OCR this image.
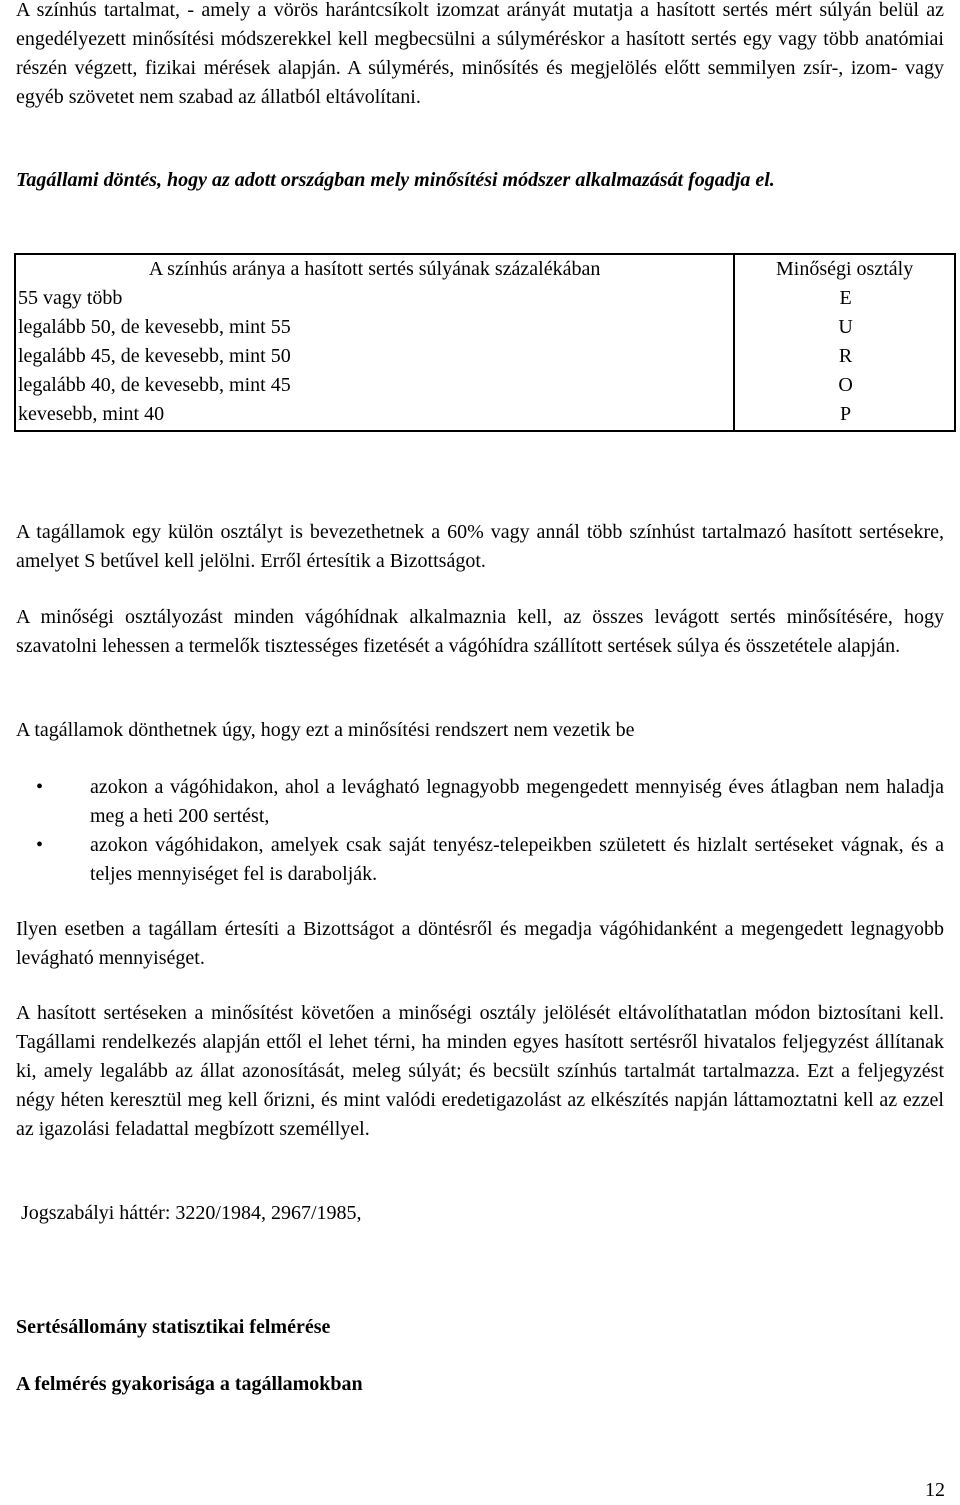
A színhús tartalmat, - amely a vörös harántcsíkolt izomzat arányát mutatja a hasított sertés mért súlyán belül az engedélyezett minősítési módszerekkel kell megbecsülni a súlyméréskor a hasított sertés egy vagy több anatómiai részén végzett, fizikai mérések alapján. A súlymérés, minősítés és megjelölés előtt semmilyen zsír-, izom- vagy egyéb szövetet nem szabad az állatból eltávolítani.

Tagállami döntés, hogy az adott országban mely minősítési módszer alkalmazását fogadja el.

A színhús aránya a hasított sertés súlyának százalékában	Minőségi osztály
55 vagy több	E
legalább 50, de kevesebb, mint 55	U
legalább 45, de kevesebb, mint 50	R
legalább 40, de kevesebb, mint 45	O
kevesebb, mint 40	P

A tagállamok egy külön osztályt is bevezethetnek a 60% vagy annál több színhúst tartalmazó hasított sertésekre, amelyet S betűvel kell jelölni. Erről értesítik a Bizottságot.

A minőségi osztályozást minden vágóhídnak alkalmaznia kell, az összes levágott sertés minősítésére, hogy szavatolni lehessen a termelők tisztességes fizetését a vágóhídra szállított sertések súlya és összetétele alapján.

A tagállamok dönthetnek úgy, hogy ezt a minősítési rendszert nem vezetik be

• azokon a vágóhidakon, ahol a levágható legnagyobb megengedett mennyiség éves átlagban nem haladja meg a heti 200 sertést,
• azokon vágóhidakon, amelyek csak saját tenyész-telepeikben született és hizlalt sertéseket vágnak, és a teljes mennyiséget fel is darabolják.

Ilyen esetben a tagállam értesíti a Bizottságot a döntésről és megadja vágóhidanként a megengedett legnagyobb levágható mennyiséget.

A hasított sertéseken a minősítést követően a minőségi osztály jelölését eltávolíthatatlan módon biztosítani kell. Tagállami rendelkezés alapján ettől el lehet térni, ha minden egyes hasított sertésről hivatalos feljegyzést állítanak ki, amely legalább az állat azonosítását, meleg súlyát; és becsült színhús tartalmát tartalmazza. Ezt a feljegyzést négy héten keresztül meg kell őrizni, és mint valódi eredetigazolást az elkészítés napján láttamoztatni kell az ezzel az igazolási feladattal megbízott személlyel.

Jogszabályi háttér: 3220/1984, 2967/1985,

Sertésállomány statisztikai felmérése
A felmérés gyakorisága a tagállamokban
12
